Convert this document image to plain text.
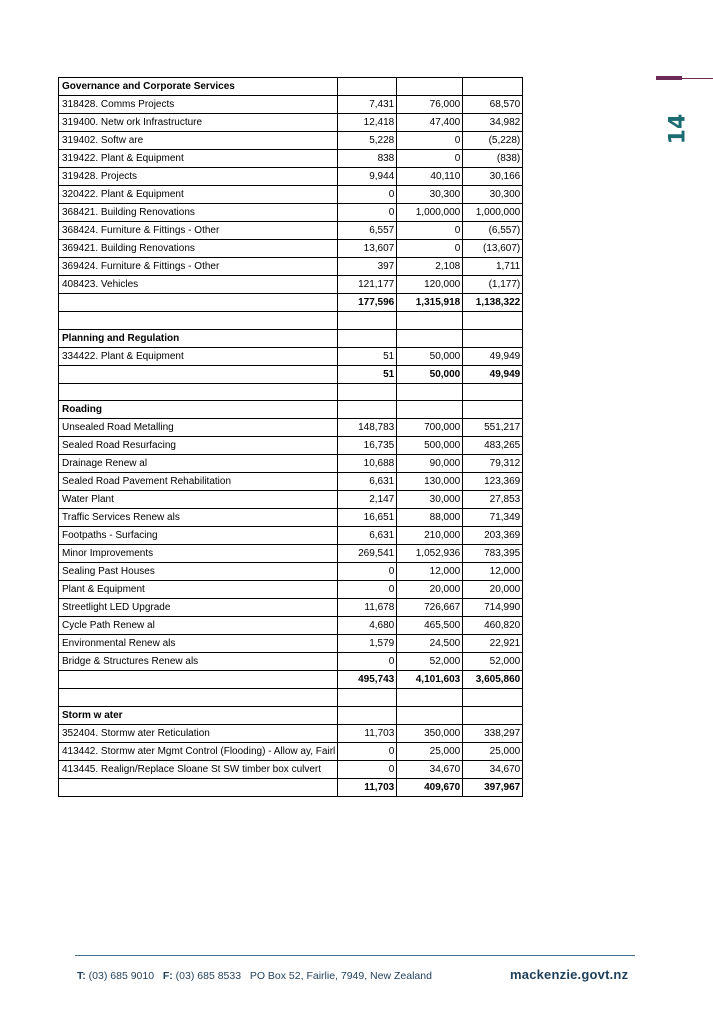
14
Governance and Corporate Services			
318428. Comms Projects	7,431	76,000	68,570
319400. Netw ork Infrastructure	12,418	47,400	34,982
319402. Softw are	5,228	0	(5,228)
319422. Plant & Equipment	838	0	(838)
319428. Projects	9,944	40,110	30,166
320422. Plant & Equipment	0	30,300	30,300
368421. Building Renovations	0	1,000,000	1,000,000
368424. Furniture & Fittings - Other	6,557	0	(6,557)
369421. Building Renovations	13,607	0	(13,607)
369424. Furniture & Fittings - Other	397	2,108	1,711
408423. Vehicles	121,177	120,000	(1,177)
	177,596	1,315,918	1,138,322

Planning and Regulation			
334422. Plant & Equipment	51	50,000	49,949
	51	50,000	49,949

Roading			
Unsealed Road Metalling	148,783	700,000	551,217
Sealed Road Resurfacing	16,735	500,000	483,265
Drainage Renew al	10,688	90,000	79,312
Sealed Road Pavement Rehabilitation	6,631	130,000	123,369
Water Plant	2,147	30,000	27,853
Traffic Services Renew als	16,651	88,000	71,349
Footpaths - Surfacing	6,631	210,000	203,369
Minor Improvements	269,541	1,052,936	783,395
Sealing Past Houses	0	12,000	12,000
Plant & Equipment	0	20,000	20,000
Streetlight LED Upgrade	11,678	726,667	714,990
Cycle Path Renew al	4,680	465,500	460,820
Environmental Renew als	1,579	24,500	22,921
Bridge & Structures Renew als	0	52,000	52,000
	495,743	4,101,603	3,605,860

Storm w ater			
352404. Stormw ater Reticulation	11,703	350,000	338,297
413442. Stormw ater Mgmt Control (Flooding) - Allow ay, Fairl	0	25,000	25,000
413445. Realign/Replace Sloane St SW timber box culvert	0	34,670	34,670
	11,703	409,670	397,967
T: (03) 685 9010 F: (03) 685 8533 PO Box 52, Fairlie, 7949, New Zealand	mackenzie.govt.nz
